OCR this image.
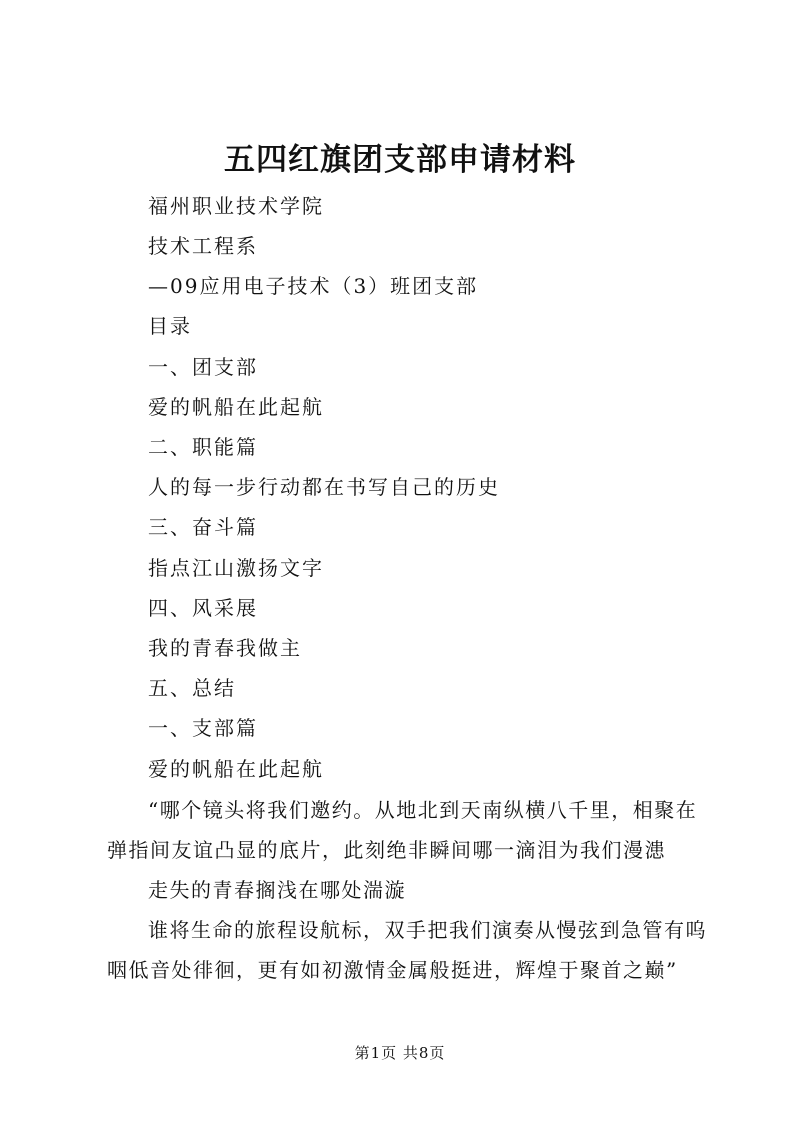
五四红旗团支部申请材料
福州职业技术学院
技术工程系
—09应用电子技术（3）班团支部
目录
一、团支部
爱的帆船在此起航
二、职能篇
人的每一步行动都在书写自己的历史
三、奋斗篇
指点江山激扬文字
四、风采展
我的青春我做主
五、总结
一、支部篇
爱的帆船在此起航
“哪个镜头将我们邀约。从地北到天南纵横八千里，相聚在弹指间友谊凸显的底片，此刻绝非瞬间哪一滴泪为我们漫漶
走失的青春搁浅在哪处湍漩
谁将生命的旅程设航标，双手把我们演奏从慢弦到急管有呜咽低音处徘徊，更有如初激情金属般挺进，辉煌于聚首之巅”
第1页 共8页
